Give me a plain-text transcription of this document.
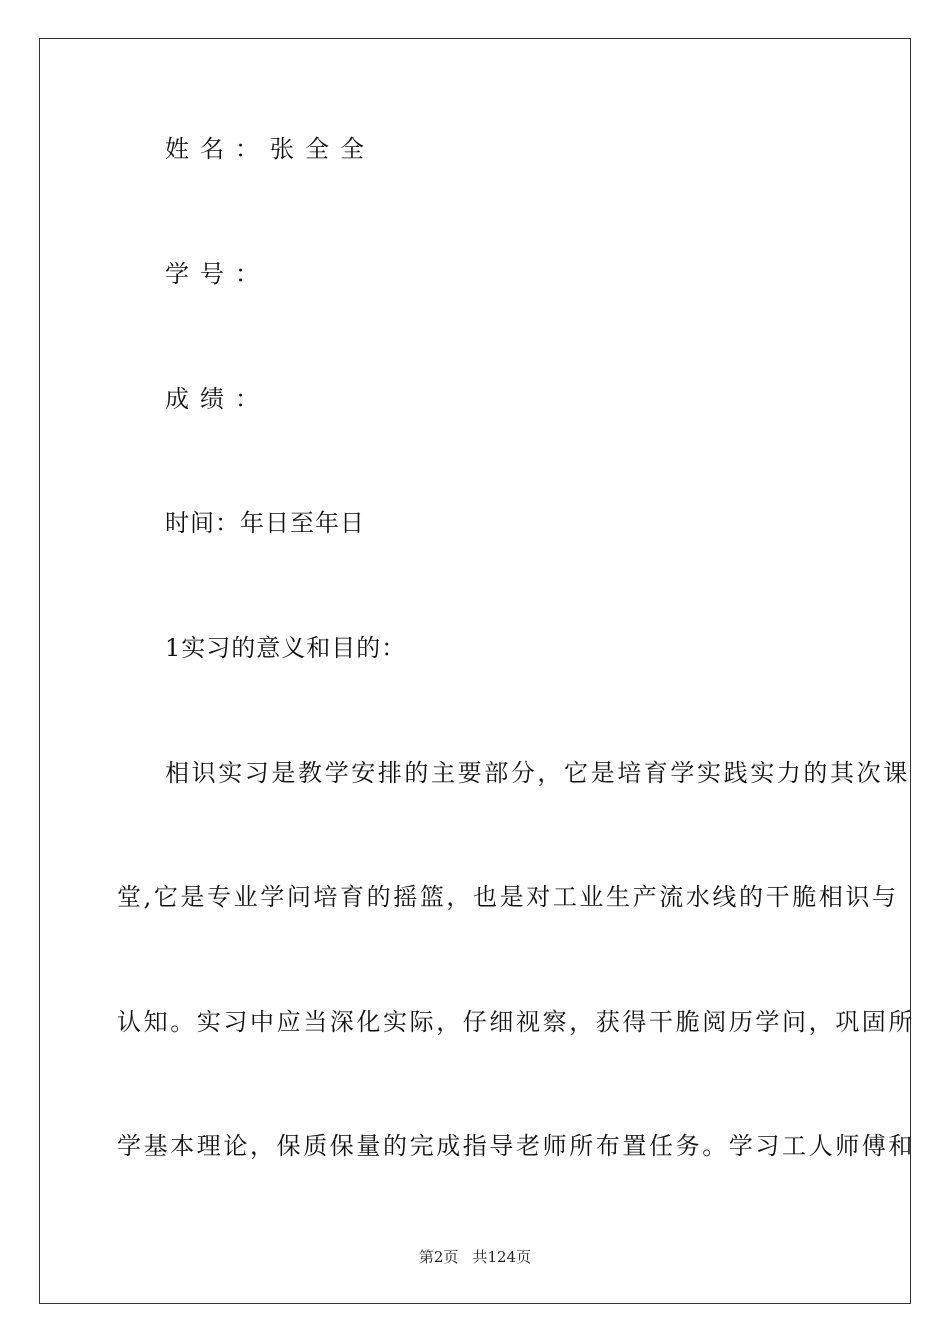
姓名：张全全
学号：
成绩：
时间：年日至年日
1实习的意义和目的：
相识实习是教学安排的主要部分，它是培育学实践实力的其次课
堂,它是专业学问培育的摇篮，也是对工业生产流水线的干脆相识与
认知。实习中应当深化实际，仔细视察，获得干脆阅历学问，巩固所
学基本理论，保质保量的完成指导老师所布置任务。学习工人师傅和
第2页 共124页
